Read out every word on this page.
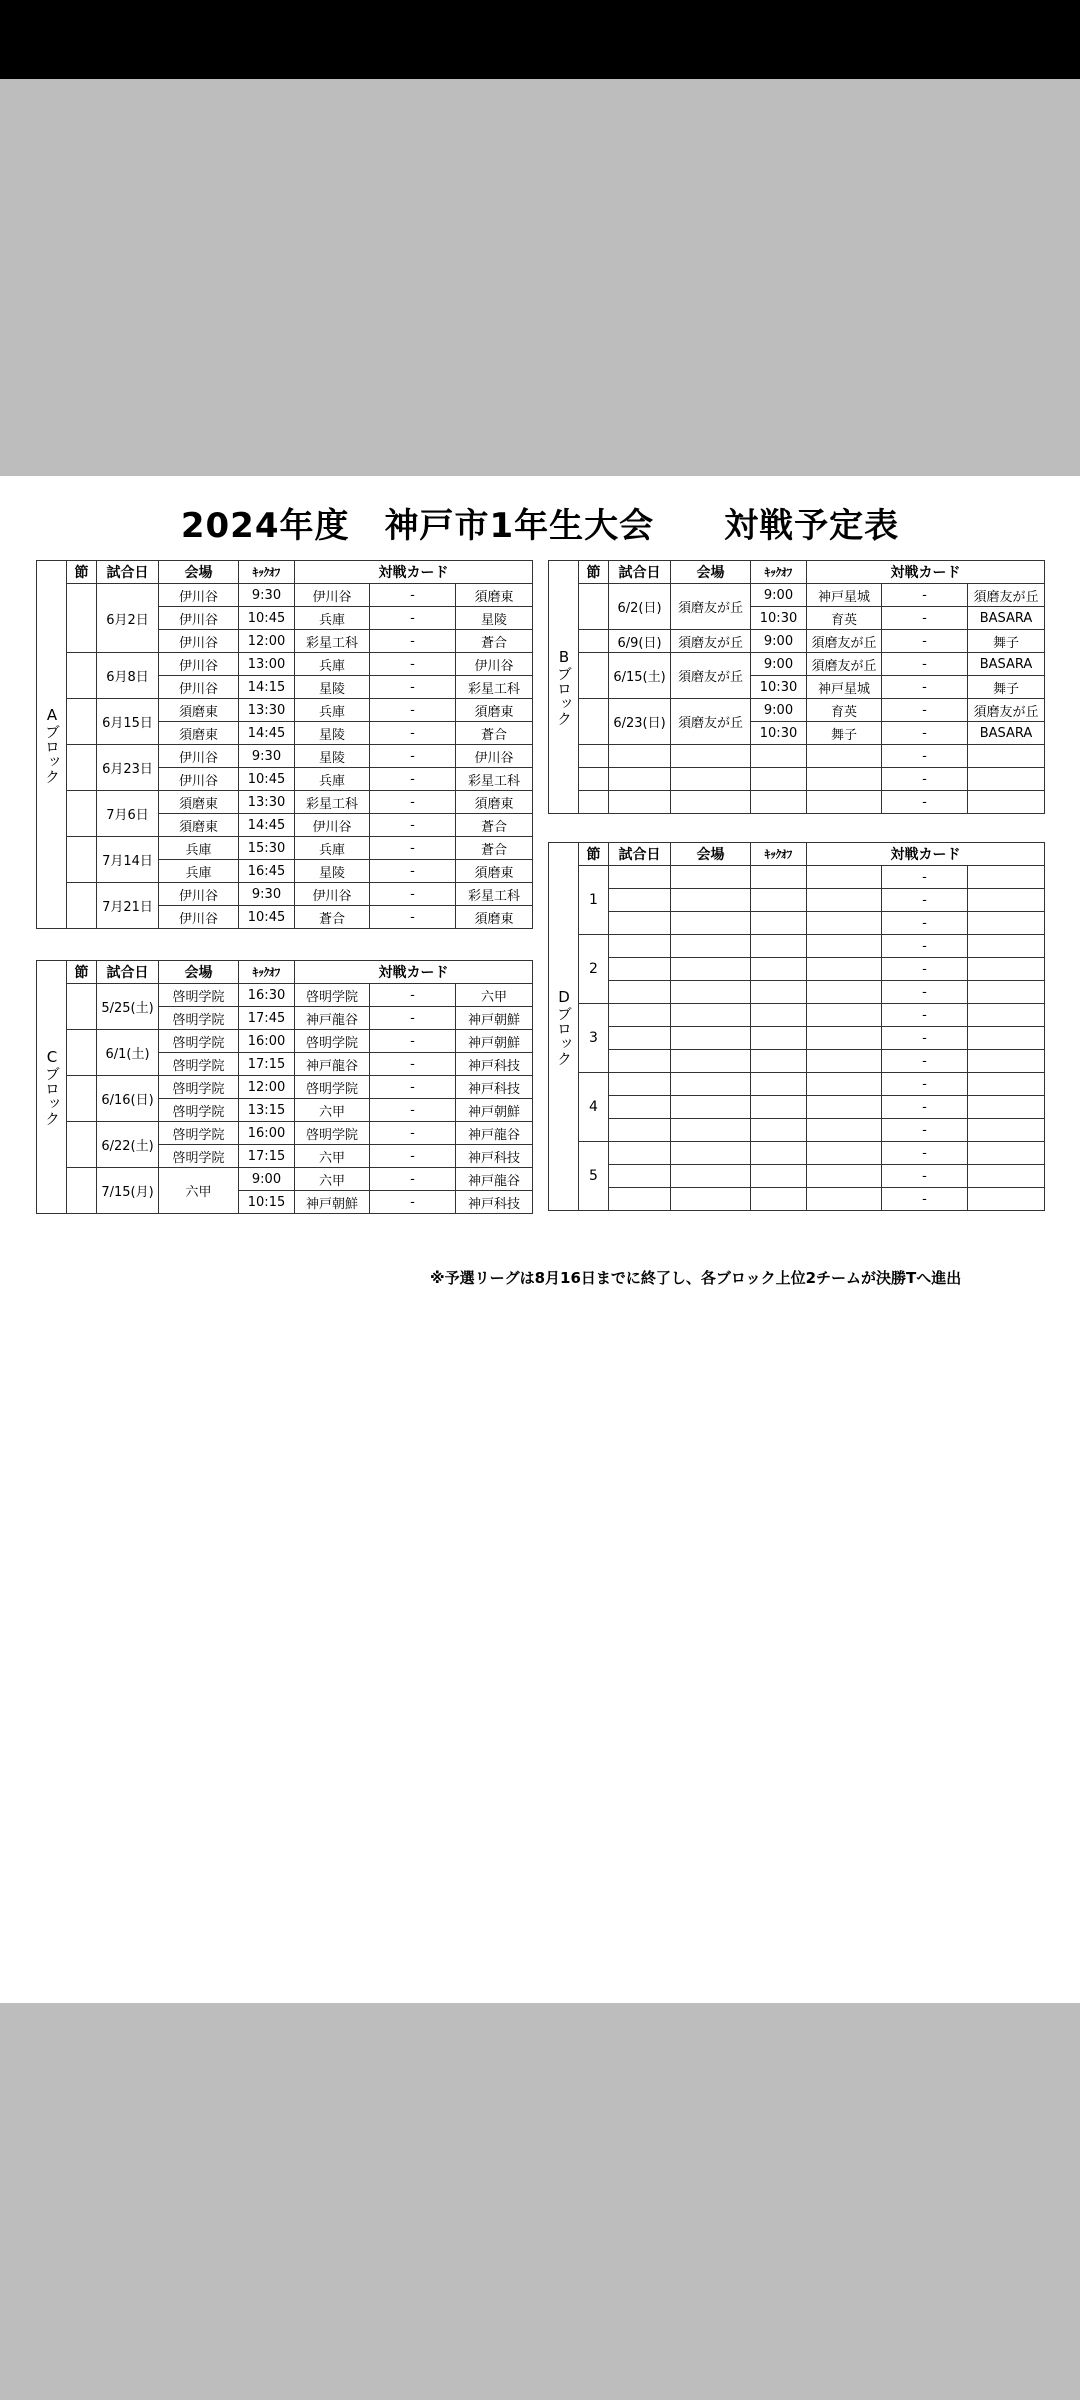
2024年度　神戸市1年生大会　　対戦予定表
Aブロック	節	試合日	会場	ｷｯｸｵﾌ	対戦カード		
		6月2日	伊川谷	9:30	伊川谷	-	須磨東
			伊川谷	10:45	兵庫	-	星陵
			伊川谷	12:00	彩星工科	-	蒼合
		6月8日	伊川谷	13:00	兵庫	-	伊川谷
			伊川谷	14:15	星陵	-	彩星工科
		6月15日	須磨東	13:30	兵庫	-	須磨東
			須磨東	14:45	星陵	-	蒼合
		6月23日	伊川谷	9:30	星陵	-	伊川谷
			伊川谷	10:45	兵庫	-	彩星工科
		7月6日	須磨東	13:30	彩星工科	-	須磨東
			須磨東	14:45	伊川谷	-	蒼合
		7月14日	兵庫	15:30	兵庫	-	蒼合
			兵庫	16:45	星陵	-	須磨東
		7月21日	伊川谷	9:30	伊川谷	-	彩星工科
			伊川谷	10:45	蒼合	-	須磨東
Bブロック	節	試合日	会場	ｷｯｸｵﾌ	対戦カード		
		6/2(日)	須磨友が丘	9:00	神戸星城	-	須磨友が丘
				10:30	育英	-	BASARA
		6/9(日)	須磨友が丘	9:00	須磨友が丘	-	舞子
		6/15(土)	須磨友が丘	9:00	須磨友が丘	-	BASARA
				10:30	神戸星城	-	舞子
		6/23(日)	須磨友が丘	9:00	育英	-	須磨友が丘
				10:30	舞子	-	BASARA
						-	
						-	
						-	
Cブロック	節	試合日	会場	ｷｯｸｵﾌ	対戦カード		
		5/25(土)	啓明学院	16:30	啓明学院	-	六甲
			啓明学院	17:45	神戸龍谷	-	神戸朝鮮
		6/1(土)	啓明学院	16:00	啓明学院	-	神戸朝鮮
			啓明学院	17:15	神戸龍谷	-	神戸科技
		6/16(日)	啓明学院	12:00	啓明学院	-	神戸科技
			啓明学院	13:15	六甲	-	神戸朝鮮
		6/22(土)	啓明学院	16:00	啓明学院	-	神戸龍谷
			啓明学院	17:15	六甲	-	神戸科技
		7/15(月)	六甲	9:00	六甲	-	神戸龍谷
				10:15	神戸朝鮮	-	神戸科技
Dブロック	節	試合日	会場	ｷｯｸｵﾌ	対戦カード		
	1					-	
						-	
						-	
	2					-	
						-	
						-	
	3					-	
						-	
						-	
	4					-	
						-	
						-	
	5					-	
						-	
						-	
※予選リーグは8月16日までに終了し、各ブロック上位2チームが決勝Tへ進出
